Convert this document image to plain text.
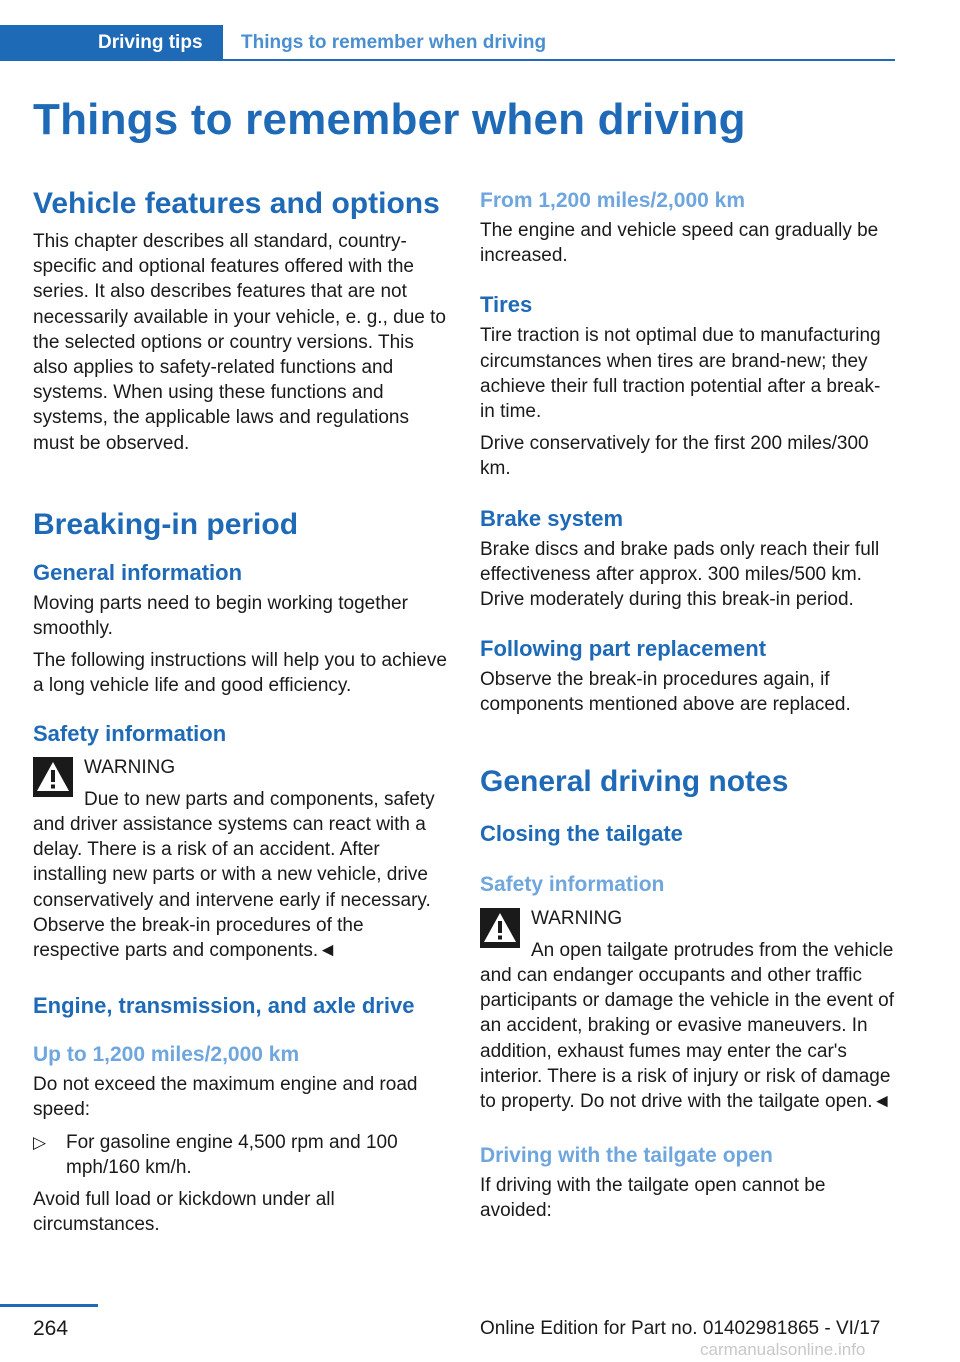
Driving tips	Things to remember when driving
Things to remember when driving
Vehicle features and options
This chapter describes all standard, country-specific and optional features offered with the series. It also describes features that are not necessarily available in your vehicle, e. g., due to the selected options or country versions. This also applies to safety-related functions and systems. When using these functions and systems, the applicable laws and regulations must be observed.
Breaking-in period
General information
Moving parts need to begin working together smoothly.
The following instructions will help you to achieve a long vehicle life and good efficiency.
Safety information
WARNING
Due to new parts and components, safety and driver assistance systems can react with a delay. There is a risk of an accident. After installing new parts or with a new vehicle, drive conservatively and intervene early if necessary. Observe the break-in procedures of the respective parts and components.◄
Engine, transmission, and axle drive
Up to 1,200 miles/2,000 km
Do not exceed the maximum engine and road speed:
▷ For gasoline engine 4,500 rpm and 100 mph/160 km/h.
Avoid full load or kickdown under all circumstances.
From 1,200 miles/2,000 km
The engine and vehicle speed can gradually be increased.
Tires
Tire traction is not optimal due to manufacturing circumstances when tires are brand-new; they achieve their full traction potential after a break-in time.
Drive conservatively for the first 200 miles/300 km.
Brake system
Brake discs and brake pads only reach their full effectiveness after approx. 300 miles/500 km. Drive moderately during this break-in period.
Following part replacement
Observe the break-in procedures again, if components mentioned above are replaced.
General driving notes
Closing the tailgate
Safety information
WARNING
An open tailgate protrudes from the vehicle and can endanger occupants and other traffic participants or damage the vehicle in the event of an accident, braking or evasive maneuvers. In addition, exhaust fumes may enter the car's interior. There is a risk of injury or risk of damage to property. Do not drive with the tailgate open.◄
Driving with the tailgate open
If driving with the tailgate open cannot be avoided:
264	Online Edition for Part no. 01402981865 - VI/17
carmanualsonline.info
